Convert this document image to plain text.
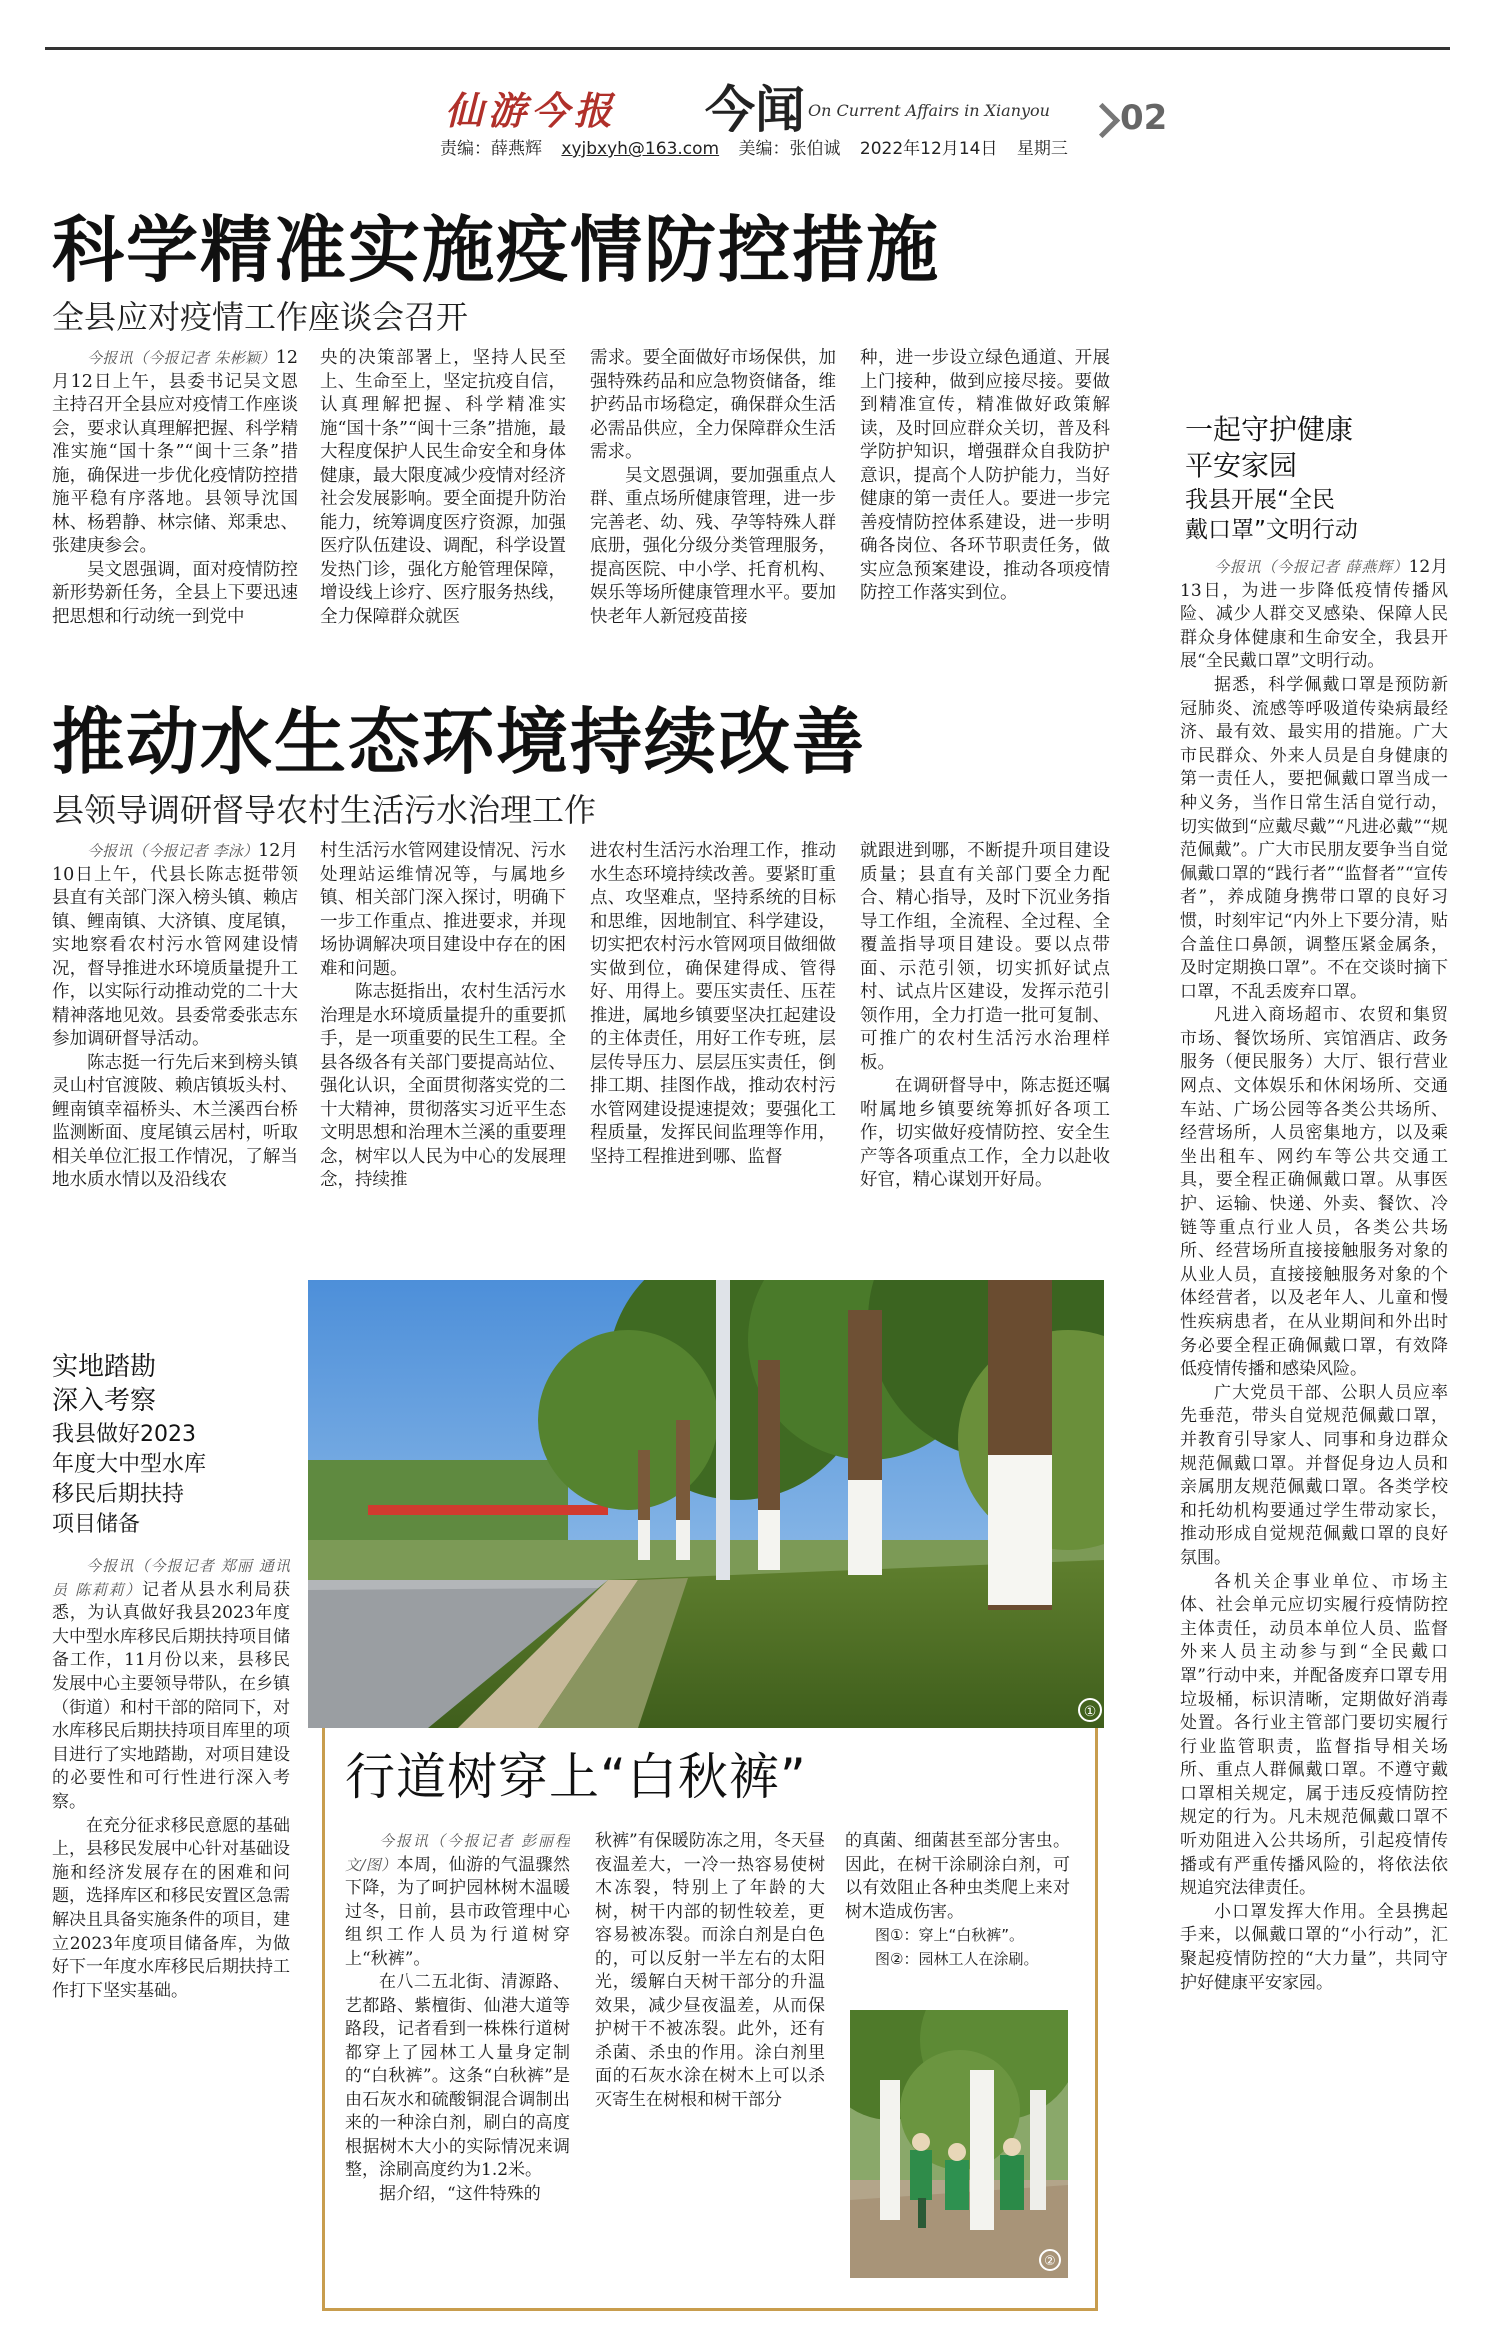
仙游今报 今闻 On Current Affairs in Xianyou 02
责编：薛燕辉 xyjbxyh@163.com 美编：张伯诚 2022年12月14日 星期三
科学精准实施疫情防控措施
全县应对疫情工作座谈会召开

今报讯（今报记者 朱彬颖）12月12日上午，县委书记吴文恩主持召开全县应对疫情工作座谈会，要求认真理解把握、科学精准实施“国十条”“闽十三条”措施，确保进一步优化疫情防控措施平稳有序落地。县领导沈国林、杨碧静、林宗储、郑秉忠、张建庚参会。

吴文恩强调，面对疫情防控新形势新任务，全县上下要迅速把思想和行动统一到党中

央的决策部署上，坚持人民至上、生命至上，坚定抗疫自信，认真理解把握、科学精准实施“国十条”“闽十三条”措施，最大程度保护人民生命安全和身体健康，最大限度减少疫情对经济社会发展影响。要全面提升防治能力，统筹调度医疗资源，加强医疗队伍建设、调配，科学设置发热门诊，强化方舱管理保障，增设线上诊疗、医疗服务热线，全力保障群众就医

需求。要全面做好市场保供，加强特殊药品和应急物资储备，维护药品市场稳定，确保群众生活必需品供应，全力保障群众生活需求。

吴文恩强调，要加强重点人群、重点场所健康管理，进一步完善老、幼、残、孕等特殊人群底册，强化分级分类管理服务，提高医院、中小学、托育机构、娱乐等场所健康管理水平。要加快老年人新冠疫苗接

种，进一步设立绿色通道、开展上门接种，做到应接尽接。要做到精准宣传，精准做好政策解读，及时回应群众关切，普及科学防护知识，增强群众自我防护意识，提高个人防护能力，当好健康的第一责任人。要进一步完善疫情防控体系建设，进一步明确各岗位、各环节职责任务，做实应急预案建设，推动各项疫情防控工作落实到位。

推动水生态环境持续改善
县领导调研督导农村生活污水治理工作

今报讯（今报记者 李泳）12月10日上午，代县长陈志挺带领县直有关部门深入榜头镇、赖店镇、鲤南镇、大济镇、度尾镇，实地察看农村污水管网建设情况，督导推进水环境质量提升工作，以实际行动推动党的二十大精神落地见效。县委常委张志东参加调研督导活动。

陈志挺一行先后来到榜头镇灵山村官渡陂、赖店镇坂头村、鲤南镇幸福桥头、木兰溪西台桥监测断面、度尾镇云居村，听取相关单位汇报工作情况，了解当地水质水情以及沿线农

村生活污水管网建设情况、污水处理站运维情况等，与属地乡镇、相关部门深入探讨，明确下一步工作重点、推进要求，并现场协调解决项目建设中存在的困难和问题。

陈志挺指出，农村生活污水治理是水环境质量提升的重要抓手，是一项重要的民生工程。全县各级各有关部门要提高站位、强化认识，全面贯彻落实党的二十大精神，贯彻落实习近平生态文明思想和治理木兰溪的重要理念，树牢以人民为中心的发展理念，持续推

进农村生活污水治理工作，推动水生态环境持续改善。要紧盯重点、攻坚难点，坚持系统的目标和思维，因地制宜、科学建设，切实把农村污水管网项目做细做实做到位，确保建得成、管得好、用得上。要压实责任、压茬推进，属地乡镇要坚决扛起建设的主体责任，用好工作专班，层层传导压力、层层压实责任，倒排工期、挂图作战，推动农村污水管网建设提速提效；要强化工程质量，发挥民间监理等作用，坚持工程推进到哪、监督

就跟进到哪，不断提升项目建设质量；县直有关部门要全力配合、精心指导，及时下沉业务指导工作组，全流程、全过程、全覆盖指导项目建设。要以点带面、示范引领，切实抓好试点村、试点片区建设，发挥示范引领作用，全力打造一批可复制、可推广的农村生活污水治理样板。

在调研督导中，陈志挺还嘱咐属地乡镇要统筹抓好各项工作，切实做好疫情防控、安全生产等各项重点工作，全力以赴收好官，精心谋划开好局。

一起守护健康
平安家园
我县开展“全民
戴口罩”文明行动

今报讯（今报记者 薛燕辉）12月13日，为进一步降低疫情传播风险、减少人群交叉感染、保障人民群众身体健康和生命安全，我县开展“全民戴口罩”文明行动。

据悉，科学佩戴口罩是预防新冠肺炎、流感等呼吸道传染病最经济、最有效、最实用的措施。广大市民群众、外来人员是自身健康的第一责任人，要把佩戴口罩当成一种义务，当作日常生活自觉行动，切实做到“应戴尽戴”“凡进必戴”“规范佩戴”。广大市民朋友要争当自觉佩戴口罩的“践行者”“监督者”“宣传者”，养成随身携带口罩的良好习惯，时刻牢记“内外上下要分清，贴合盖住口鼻颌，调整压紧金属条，及时定期换口罩”。不在交谈时摘下口罩，不乱丢废弃口罩。

凡进入商场超市、农贸和集贸市场、餐饮场所、宾馆酒店、政务服务（便民服务）大厅、银行营业网点、文体娱乐和休闲场所、交通车站、广场公园等各类公共场所、经营场所，人员密集地方，以及乘坐出租车、网约车等公共交通工具，要全程正确佩戴口罩。从事医护、运输、快递、外卖、餐饮、冷链等重点行业人员，各类公共场所、经营场所直接接触服务对象的从业人员，直接接触服务对象的个体经营者，以及老年人、儿童和慢性疾病患者，在从业期间和外出时务必要全程正确佩戴口罩，有效降低疫情传播和感染风险。

广大党员干部、公职人员应率先垂范，带头自觉规范佩戴口罩，并教育引导家人、同事和身边群众规范佩戴口罩。并督促身边人员和亲属朋友规范佩戴口罩。各类学校和托幼机构要通过学生带动家长，推动形成自觉规范佩戴口罩的良好氛围。

各机关企事业单位、市场主体、社会单元应切实履行疫情防控主体责任，动员本单位人员、监督外来人员主动参与到“全民戴口罩”行动中来，并配备废弃口罩专用垃圾桶，标识清晰，定期做好消毒处置。各行业主管部门要切实履行行业监管职责，监督指导相关场所、重点人群佩戴口罩。不遵守戴口罩相关规定，属于违反疫情防控规定的行为。凡未规范佩戴口罩不听劝阻进入公共场所，引起疫情传播或有严重传播风险的，将依法依规追究法律责任。

小口罩发挥大作用。全县携起手来，以佩戴口罩的“小行动”，汇聚起疫情防控的“大力量”，共同守护好健康平安家园。

实地踏勘
深入考察
我县做好2023
年度大中型水库
移民后期扶持
项目储备

今报讯（今报记者 郑丽 通讯员 陈莉莉）记者从县水利局获悉，为认真做好我县2023年度大中型水库移民后期扶持项目储备工作，11月份以来，县移民发展中心主要领导带队，在乡镇（街道）和村干部的陪同下，对水库移民后期扶持项目库里的项目进行了实地踏勘，对项目建设的必要性和可行性进行深入考察。

在充分征求移民意愿的基础上，县移民发展中心针对基础设施和经济发展存在的困难和问题，选择库区和移民安置区急需解决且具备实施条件的项目，建立2023年度项目储备库，为做好下一年度水库移民后期扶持工作打下坚实基础。

①
行道树穿上“白秋裤”

今报讯（今报记者 彭丽程 文/图）本周，仙游的气温骤然下降，为了呵护园林树木温暖过冬，日前，县市政管理中心组织工作人员为行道树穿上“秋裤”。

在八二五北街、清源路、艺都路、紫檀街、仙港大道等路段，记者看到一株株行道树都穿上了园林工人量身定制的“白秋裤”。这条“白秋裤”是由石灰水和硫酸铜混合调制出来的一种涂白剂，刷白的高度根据树木大小的实际情况来调整，涂刷高度约为1.2米。

据介绍，“这件特殊的

秋裤”有保暖防冻之用，冬天昼夜温差大，一冷一热容易使树木冻裂，特别上了年龄的大树，树干内部的韧性较差，更容易被冻裂。而涂白剂是白色的，可以反射一半左右的太阳光，缓解白天树干部分的升温效果，减少昼夜温差，从而保护树干不被冻裂。此外，还有杀菌、杀虫的作用。涂白剂里面的石灰水涂在树木上可以杀灭寄生在树根和树干部分

的真菌、细菌甚至部分害虫。因此，在树干涂刷涂白剂，可以有效阻止各种虫类爬上来对树木造成伤害。

图①：穿上“白秋裤”。

图②：园林工人在涂刷。

②
